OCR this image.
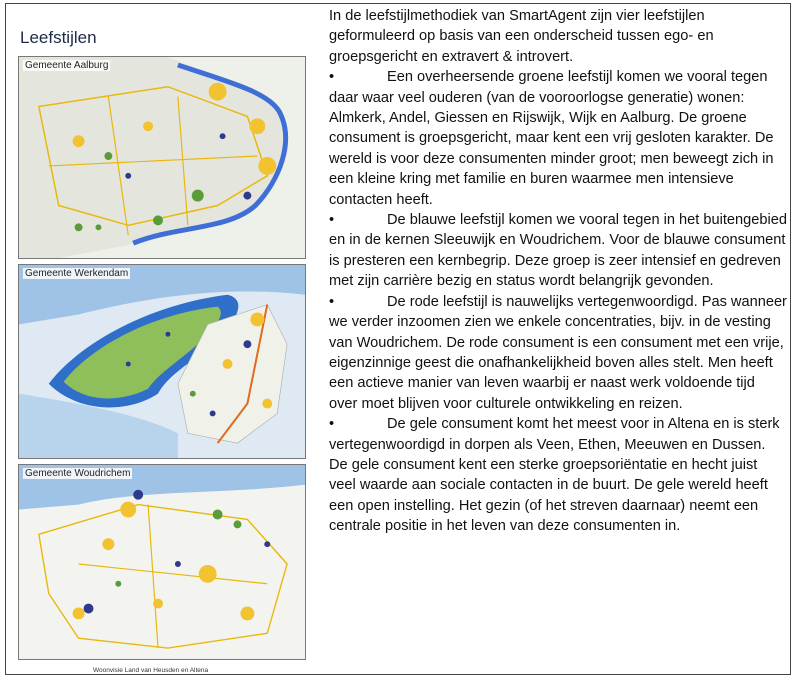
Leefstijlen
Gemeente Aalburg
Gemeente Werkendam
Gemeente Woudrichem
Woonvisie Land van Heusden en Altena

In de leefstijlmethodiek van SmartAgent zijn vier leefstijlen geformuleerd op basis van een onderscheid tussen ego- en groepsgericht en extravert & introvert.

•	Een overheersende groene leefstijl komen we vooral tegen daar waar veel ouderen (van de vooroorlogse generatie) wonen: Almkerk, Andel, Giessen en Rijswijk, Wijk en Aalburg. De groene consument is groepsgericht, maar kent een vrij gesloten karakter. De wereld is voor deze consumenten minder groot; men beweegt zich in een kleine kring met familie en buren waarmee men intensieve contacten heeft.

•	De blauwe leefstijl komen we vooral tegen in het buitengebied en in de kernen Sleeuwijk en Woudrichem. Voor de blauwe consument is presteren een kernbegrip. Deze groep is zeer intensief en gedreven met zijn carrière bezig en status wordt belangrijk gevonden.

•	De rode leefstijl is nauwelijks vertegenwoordigd. Pas wanneer we verder inzoomen zien we enkele concentraties, bijv. in de vesting van Woudrichem. De rode consument is een consument met een vrije, eigenzinnige geest die onafhankelijkheid boven alles stelt. Men heeft een actieve manier van leven waarbij er naast werk voldoende tijd over moet blijven voor culturele ontwikkeling en reizen.

•	De gele consument komt het meest voor in Altena en is sterk vertegenwoordigd in dorpen als Veen, Ethen, Meeuwen en Dussen. De gele consument kent een sterke groepsoriëntatie en hecht juist veel waarde aan sociale contacten in de buurt. De gele wereld heeft een open instelling. Het gezin (of het streven daarnaar) neemt een centrale positie in het leven van deze consumenten in.
